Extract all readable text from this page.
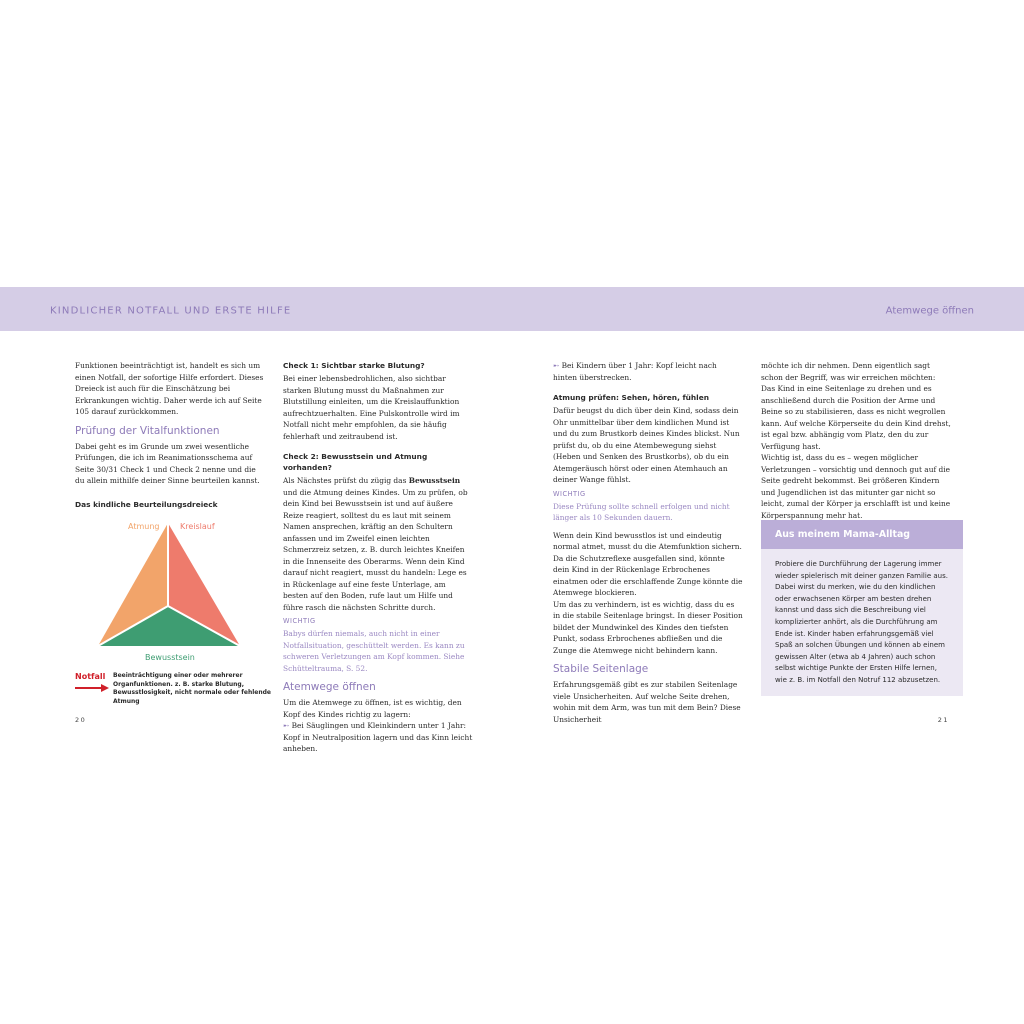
KINDLICHER NOTFALL UND ERSTE HILFE	Atemwege öffnen

Funktionen beeinträchtigt ist, handelt es sich um einen Notfall, der sofortige Hilfe erfordert. Dieses Dreieck ist auch für die Einschätzung bei Erkrankungen wichtig. Daher werde ich auf Seite 105 darauf zurückkommen.

Prüfung der Vitalfunktionen

Dabei geht es im Grunde um zwei wesentliche Prüfungen, die ich im Reanimationsschema auf Seite 30/31 Check 1 und Check 2 nenne und die du allein mithilfe deiner Sinne beurteilen kannst.

Das kindliche Beurteilungsdreieck
Atmung	Kreislauf
Bewusstsein
Notfall Beeinträchtigung einer oder mehrerer Organfunktionen. z. B. starke Blutung, Bewusstlosigkeit, nicht normale oder fehlende Atmung
Check 1: Sichtbar starke Blutung?

Bei einer lebensbedrohlichen, also sichtbar starken Blutung musst du Maßnahmen zur Blutstillung einleiten, um die Kreislauffunktion aufrechtzuerhalten. Eine Pulskontrolle wird im Notfall nicht mehr empfohlen, da sie häufig fehlerhaft und zeitraubend ist.

Check 2: Bewusstsein und Atmung vorhanden?

Als Nächstes prüfst du zügig das Bewusstsein und die Atmung deines Kindes. Um zu prüfen, ob dein Kind bei Bewusstsein ist und auf äußere Reize reagiert, solltest du es laut mit seinem Namen ansprechen, kräftig an den Schultern anfassen und im Zweifel einen leichten Schmerzreiz setzen, z. B. durch leichtes Kneifen in die Innenseite des Oberarms. Wenn dein Kind darauf nicht reagiert, musst du handeln: Lege es in Rückenlage auf eine feste Unterlage, am besten auf den Boden, rufe laut um Hilfe und führe rasch die nächsten Schritte durch.

WICHTIG

Babys dürfen niemals, auch nicht in einer Notfallsituation, geschüttelt werden. Es kann zu schweren Verletzungen am Kopf kommen. Siehe Schütteltrauma, S. 52.

Atemwege öffnen

Um die Atemwege zu öffnen, ist es wichtig, den Kopf des Kindes richtig zu lagern:

➸ Bei Säuglingen und Kleinkindern unter 1 Jahr: Kopf in Neutralposition lagern und das Kinn leicht anheben.

➸ Bei Kindern über 1 Jahr: Kopf leicht nach hinten überstrecken.

Atmung prüfen: Sehen, hören, fühlen

Dafür beugst du dich über dein Kind, sodass dein Ohr unmittelbar über dem kindlichen Mund ist und du zum Brustkorb deines Kindes blickst. Nun prüfst du, ob du eine Atembewegung siehst (Heben und Senken des Brustkorbs), ob du ein Atemgeräusch hörst oder einen Atemhauch an deiner Wange fühlst.

WICHTIG

Diese Prüfung sollte schnell erfolgen und nicht länger als 10 Sekunden dauern.

Wenn dein Kind bewusstlos ist und eindeutig normal atmet, musst du die Atemfunktion sichern. Da die Schutzreflexe ausgefallen sind, könnte dein Kind in der Rückenlage Erbrochenes einatmen oder die erschlaffende Zunge könnte die Atemwege blockieren.

Um das zu verhindern, ist es wichtig, dass du es in die stabile Seitenlage bringst. In dieser Position bildet der Mundwinkel des Kindes den tiefsten Punkt, sodass Erbrochenes abfließen und die Zunge die Atemwege nicht behindern kann.

Stabile Seitenlage

Erfahrungsgemäß gibt es zur stabilen Seitenlage viele Unsicherheiten. Auf welche Seite drehen, wohin mit dem Arm, was tun mit dem Bein? Diese Unsicherheit

möchte ich dir nehmen. Denn eigentlich sagt schon der Begriff, was wir erreichen möchten: Das Kind in eine Seitenlage zu drehen und es anschließend durch die Position der Arme und Beine so zu stabilisieren, dass es nicht wegrollen kann. Auf welche Körperseite du dein Kind drehst, ist egal bzw. abhängig vom Platz, den du zur Verfügung hast.

Wichtig ist, dass du es – wegen möglicher Verletzungen – vorsichtig und dennoch gut auf die Seite gedreht bekommst. Bei größeren Kindern und Jugendlichen ist das mitunter gar nicht so leicht, zumal der Körper ja erschlafft ist und keine Körperspannung mehr hat.

Aus meinem Mama-Alltag
Probiere die Durchführung der Lagerung immer wieder spielerisch mit deiner ganzen Familie aus. Dabei wirst du merken, wie du den kindlichen oder erwachsenen Körper am besten drehen kannst und dass sich die Beschreibung viel komplizierter anhört, als die Durchführung am Ende ist. Kinder haben erfahrungsgemäß viel Spaß an solchen Übungen und können ab einem gewissen Alter (etwa ab 4 Jahren) auch schon selbst wichtige Punkte der Ersten Hilfe lernen, wie z. B. im Notfall den Notruf 112 abzusetzen.
20	21
